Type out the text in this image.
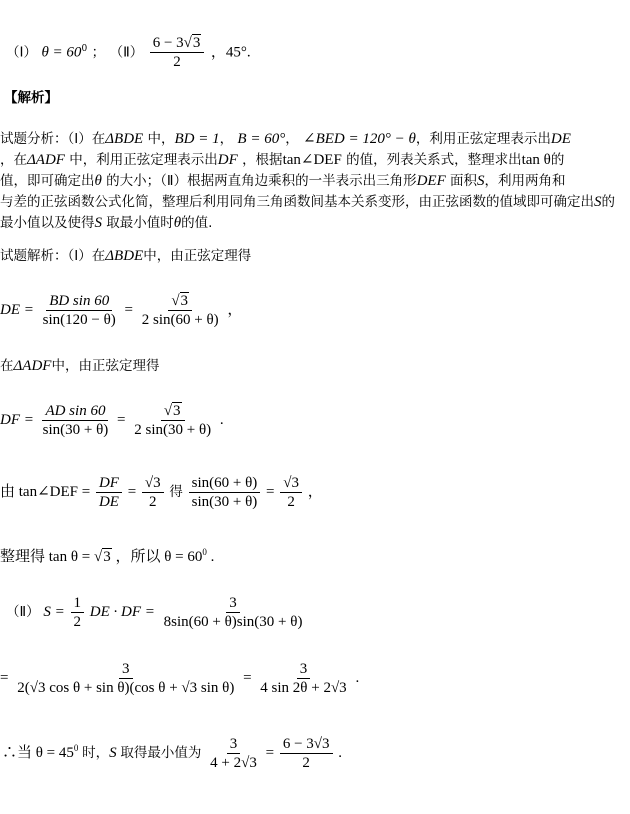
（Ⅰ） $\theta = 60^0$ ； （Ⅱ） $\frac{6 - 3√3}{2}$ ，45°.
【解析】
试题分析：（Ⅰ）在ΔBDE 中，BD = 1， B = 60°， ∠BED = 120° − θ，利用正弦定理表示出DE
，在ΔADF 中，利用正弦定理表示出DF ，根据tan∠DEF 的值，列表关系式，整理求出tan θ的
值，即可确定出θ 的大小；（Ⅱ）根据两直角边乘积的一半表示出三角形DEF 面积S，利用两角和
与差的正弦函数公式化简，整理后利用同角三角函数间基本关系变形，由正弦函数的值域即可确定出S的
最小值以及使得S 取最小值时θ的值.
试题解析：（Ⅰ）在ΔBDE中，由正弦定理得
DE = $\frac{\text{BD sin 60}}{\sin(120 - \theta)} = \frac{√3}{2 \sin(60 + \theta)}$ ，
在ΔADF中，由正弦定理得
DF = $\frac{\text{AD sin 60}}{\sin(30 + \theta)} = \frac{√3}{2 \sin(30 + \theta)}$ .
由 tan∠DEF = $\frac{DF}{DE} = \frac{√3}{2}$ 得 $\frac{\sin(60 + \theta)}{\sin(30 + \theta)} = \frac{√3}{2}$ ，
整理得 tan θ = √3 ，所以 $\theta = 60^0$ .
（Ⅱ） $S = \frac{1}{2}$ DE · DF = $\frac{3}{8\sin(60 + \theta)\sin(30 + \theta)}$
= $\frac{3}{\text{2(√3 cos θ + sin θ)(cos θ + √3 sin θ)}} = \frac{3}{4 \sin 2\theta + 2√3}$ .
∴当 $\theta = 45^0$ 时，S 取得最小值为 $\frac{3}{4 + 2√3} = \frac{6 - 3√3}{2}$ .
